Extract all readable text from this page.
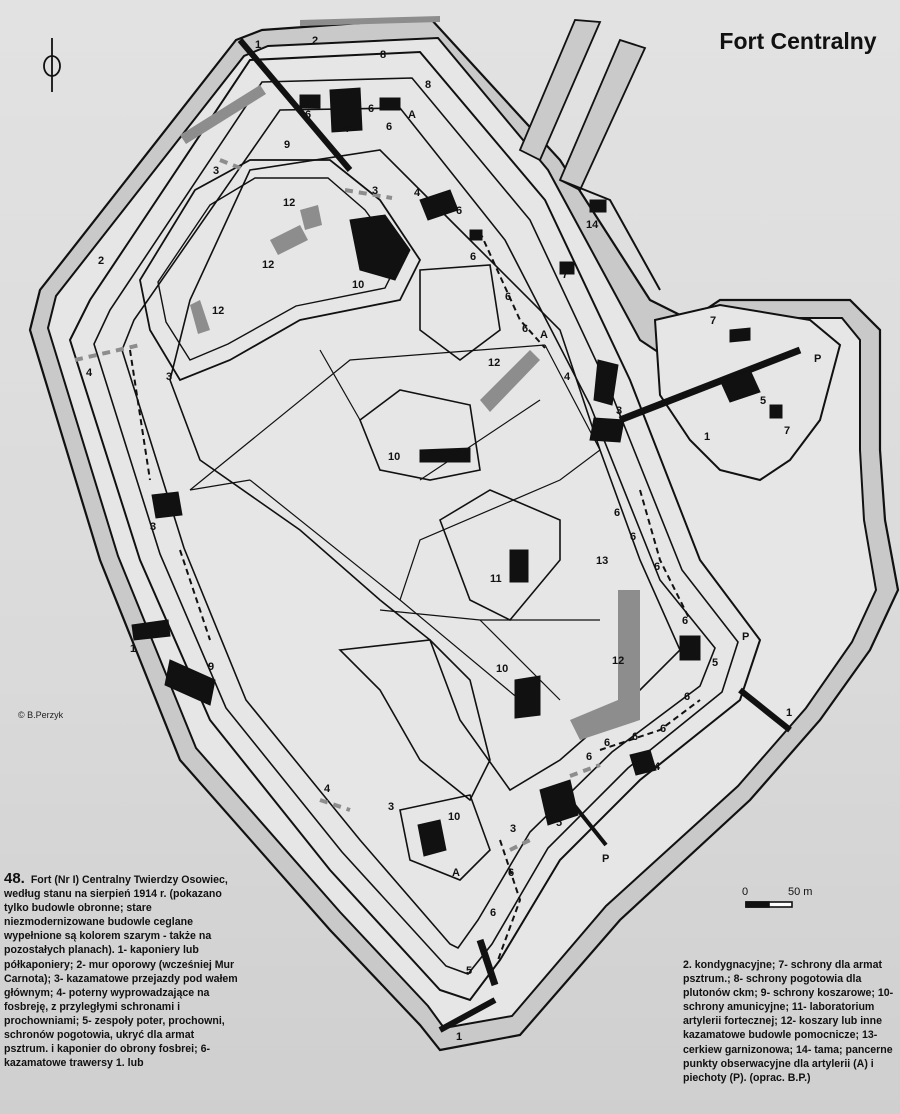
1	2
8
8
6
4
6
6
A
9
3
3	4
6
12
12
12
10
2	6
6
6 A
7
14
12
4
3
1
7
5
7
P
4	3
10
3
6
6
6
13
11
1
9	12
10
6
P
5
6
6
6
6
6
4
1
4
3
10
3	5
P
A	6
6
5
1
Fort Centralny
© B.Perzyk
0	50 m
48. Fort (Nr I) Centralny Twierdzy Osowiec, według stanu na sierpień 1914 r. (pokazano tylko budowle obronne; stare niezmodernizowane budowle ceglane wypełnione są kolorem szarym - także na pozostałych planach). 1- kaponiery lub półkaponiery; 2- mur oporowy (wcześniej Mur Carnota); 3- kazamatowe przejazdy pod wałem głównym; 4- poterny wyprowadzające na fosbreję, z przyległymi schronami i prochowniami; 5- zespoły poter, prochowni, schronów pogotowia, ukryć dla armat psztrum. i kaponier do obrony fosbrei; 6- kazamatowe trawersy 1. lub
2. kondygnacyjne; 7- schrony dla armat psztrum.; 8- schrony pogotowia dla plutonów ckm; 9- schrony koszarowe; 10- schrony amunicyjne; 11- laboratorium artylerii fortecznej; 12- koszary lub inne kazamatowe budowle pomocnicze; 13- cerkiew garnizonowa; 14- tama; pancerne punkty obserwacyjne dla artylerii (A) i piechoty (P). (oprac. B.P.)
